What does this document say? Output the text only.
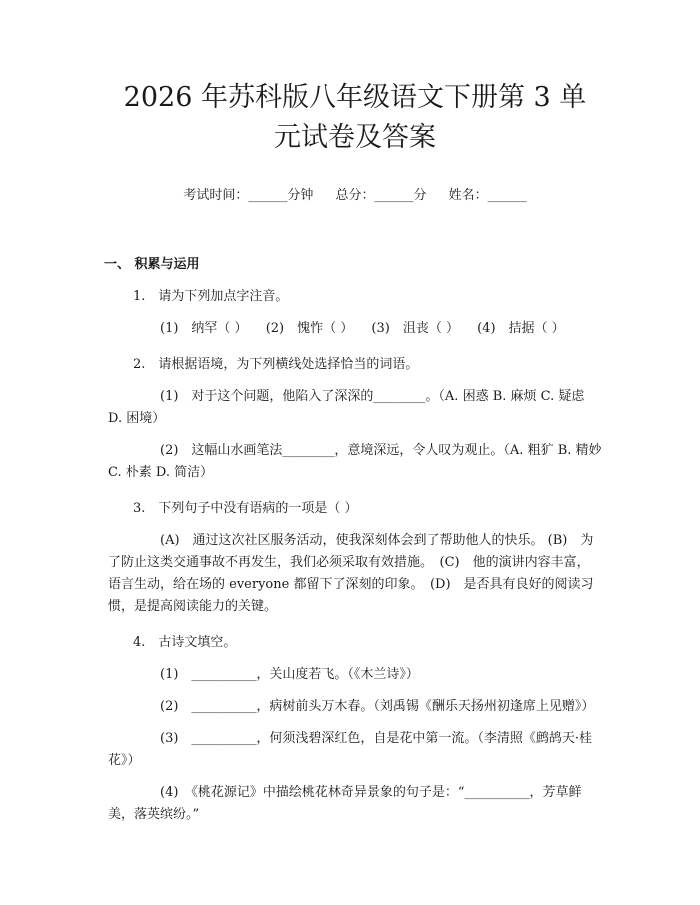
2026 年苏科版八年级语文下册第 3 单元试卷及答案
考试时间：______分钟 总分：______分 姓名：______
一、 积累与运用
1.　请为下列加点字注音。
(1)　纳罕（ ） (2)　愧怍（ ） (3)　沮丧（ ） (4)　拮据（ ）
2.　请根据语境，为下列横线处选择恰当的词语。
(1)　对于这个问题，他陷入了深深的________。（A. 困惑 B. 麻烦 C. 疑虑 D. 困境）
(2)　这幅山水画笔法________，意境深远，令人叹为观止。（A. 粗犷 B. 精妙 C. 朴素 D. 简洁）
3.　下列句子中没有语病的一项是（ ）
(A)　通过这次社区服务活动，使我深刻体会到了帮助他人的快乐。 (B)　为了防止这类交通事故不再发生，我们必须采取有效措施。　(C)　他的演讲内容丰富，语言生动，给在场的 everyone 都留下了深刻的印象。　(D)　是否具有良好的阅读习惯，是提高阅读能力的关键。
4.　古诗文填空。
(1)　__________，关山度若飞。（《木兰诗》）
(2)　__________，病树前头万木春。（刘禹锡《酬乐天扬州初逢席上见赠》）
(3)　__________，何须浅碧深红色，自是花中第一流。（李清照《鹧鸪天·桂花》）
(4)　《桃花源记》中描绘桃花林奇异景象的句子是：“__________，芳草鲜美，落英缤纷。”
